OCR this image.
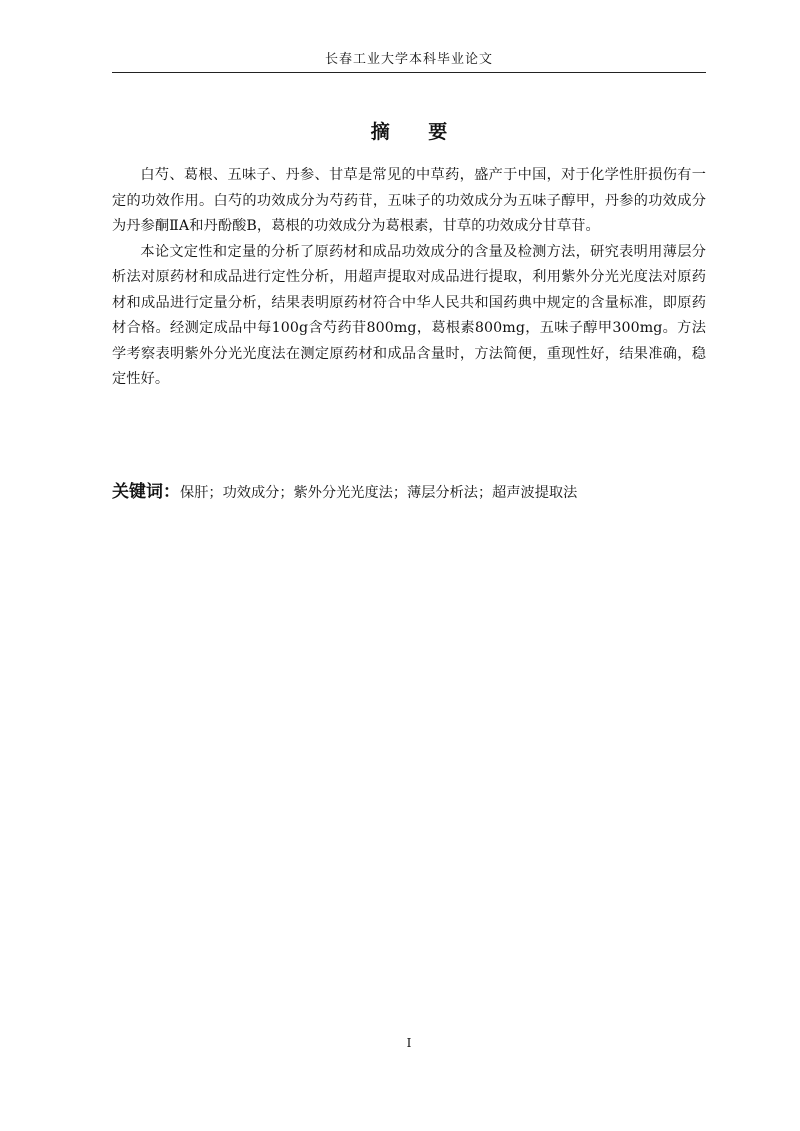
长春工业大学本科毕业论文
摘 要

白芍、葛根、五味子、丹参、甘草是常见的中草药，盛产于中国，对于化学性肝损伤有一定的功效作用。白芍的功效成分为芍药苷，五味子的功效成分为五味子醇甲，丹参的功效成分为丹参酮ⅡA和丹酚酸B，葛根的功效成分为葛根素，甘草的功效成分甘草苷。

本论文定性和定量的分析了原药材和成品功效成分的含量及检测方法，研究表明用薄层分析法对原药材和成品进行定性分析，用超声提取对成品进行提取，利用紫外分光光度法对原药材和成品进行定量分析，结果表明原药材符合中华人民共和国药典中规定的含量标准，即原药材合格。经测定成品中每100g含芍药苷800mg，葛根素800mg，五味子醇甲300mg。方法学考察表明紫外分光光度法在测定原药材和成品含量时，方法简便，重现性好，结果准确，稳定性好。

关键词：保肝；功效成分；紫外分光光度法；薄层分析法；超声波提取法
I
